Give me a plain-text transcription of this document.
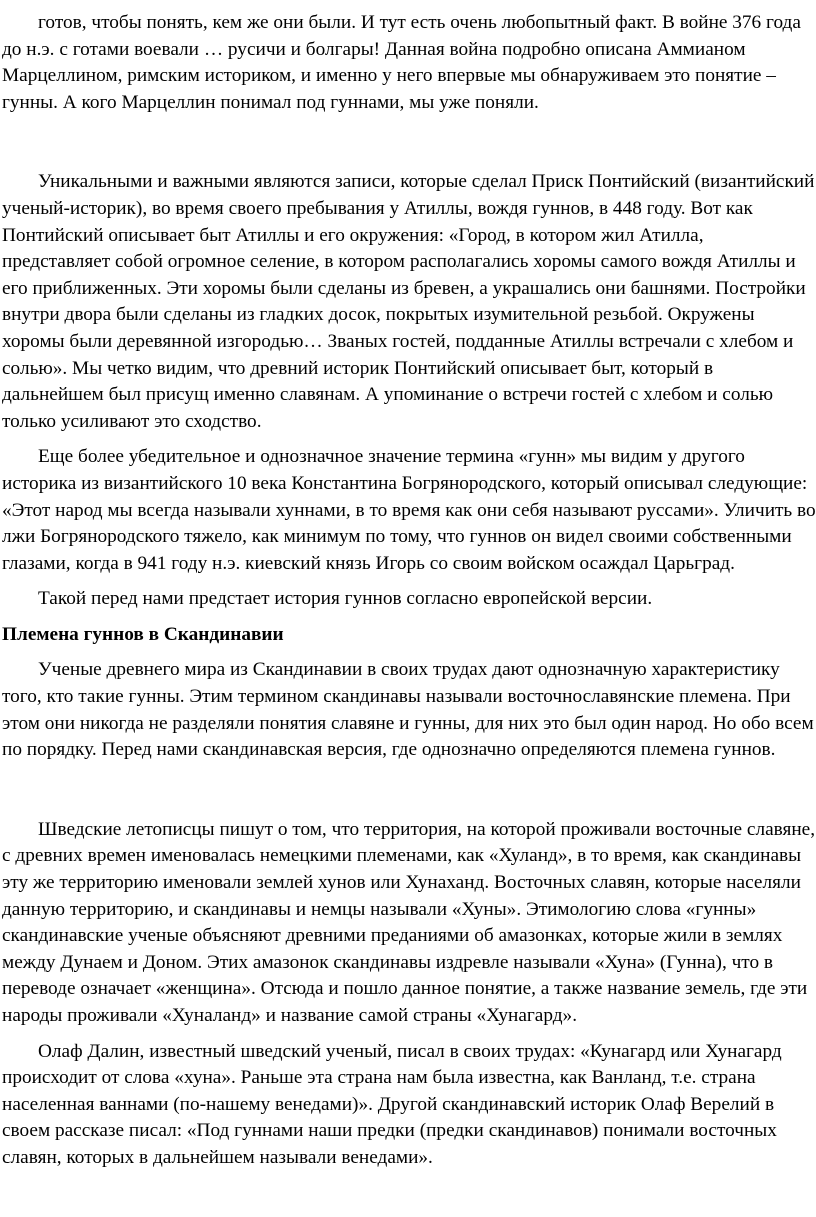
готов, чтобы понять, кем же они были. И тут есть очень любопытный факт. В войне 376 года до н.э. с готами воевали … русичи и болгары! Данная война подробно описана Аммианом Марцеллином, римским историком, и именно у него впервые мы обнаруживаем это понятие – гунны. А кого Марцеллин понимал под гуннами, мы уже поняли.

Уникальными и важными являются записи, которые сделал Приск Понтийский (византийский ученый-историк), во время своего пребывания у Атиллы, вождя гуннов, в 448 году. Вот как Понтийский описывает быт Атиллы и его окружения: «Город, в котором жил Атилла, представляет собой огромное селение, в котором располагались хоромы самого вождя Атиллы и его приближенных. Эти хоромы были сделаны из бревен, а украшались они башнями. Постройки внутри двора были сделаны из гладких досок, покрытых изумительной резьбой. Окружены хоромы были деревянной изгородью… Званых гостей, подданные Атиллы встречали с хлебом и солью». Мы четко видим, что древний историк Понтийский описывает быт, который в дальнейшем был присущ именно славянам. А упоминание о встречи гостей с хлебом и солью только усиливают это сходство.

Еще более убедительное и однозначное значение термина «гунн» мы видим у другого историка из византийского 10 века Константина Богрянородского, который описывал следующие: «Этот народ мы всегда называли хуннами, в то время как они себя называют руссами». Уличить во лжи Богрянородского тяжело, как минимум по тому, что гуннов он видел своими собственными глазами, когда в 941 году н.э. киевский князь Игорь со своим войском осаждал Царьград.

Такой перед нами предстает история гуннов согласно европейской версии.

Племена гуннов в Скандинавии

Ученые древнего мира из Скандинавии в своих трудах дают однозначную характеристику того, кто такие гунны. Этим термином скандинавы называли восточнославянские племена. При этом они никогда не разделяли понятия славяне и гунны, для них это был один народ. Но обо всем по порядку. Перед нами скандинавская версия, где однозначно определяются племена гуннов.

Шведские летописцы пишут о том, что территория, на которой проживали восточные славяне, с древних времен именовалась немецкими племенами, как «Хуланд», в то время, как скандинавы эту же территорию именовали землей хунов или Хунаханд. Восточных славян, которые населяли данную территорию, и скандинавы и немцы называли «Хуны». Этимологию слова «гунны» скандинавские ученые объясняют древними преданиями об амазонках, которые жили в землях между Дунаем и Доном. Этих амазонок скандинавы издревле называли «Хуна» (Гунна), что в переводе означает «женщина». Отсюда и пошло данное понятие, а также название земель, где эти народы проживали «Хуналанд» и название самой страны «Хунагард».

Олаф Далин, известный шведский ученый, писал в своих трудах: «Кунагард или Хунагард происходит от слова «хуна». Раньше эта страна нам была известна, как Ванланд, т.е. страна населенная ваннами (по-нашему венедами)». Другой скандинавский историк Олаф Верелий в своем рассказе писал: «Под гуннами наши предки (предки скандинавов) понимали восточных славян, которых в дальнейшем называли венедами».
